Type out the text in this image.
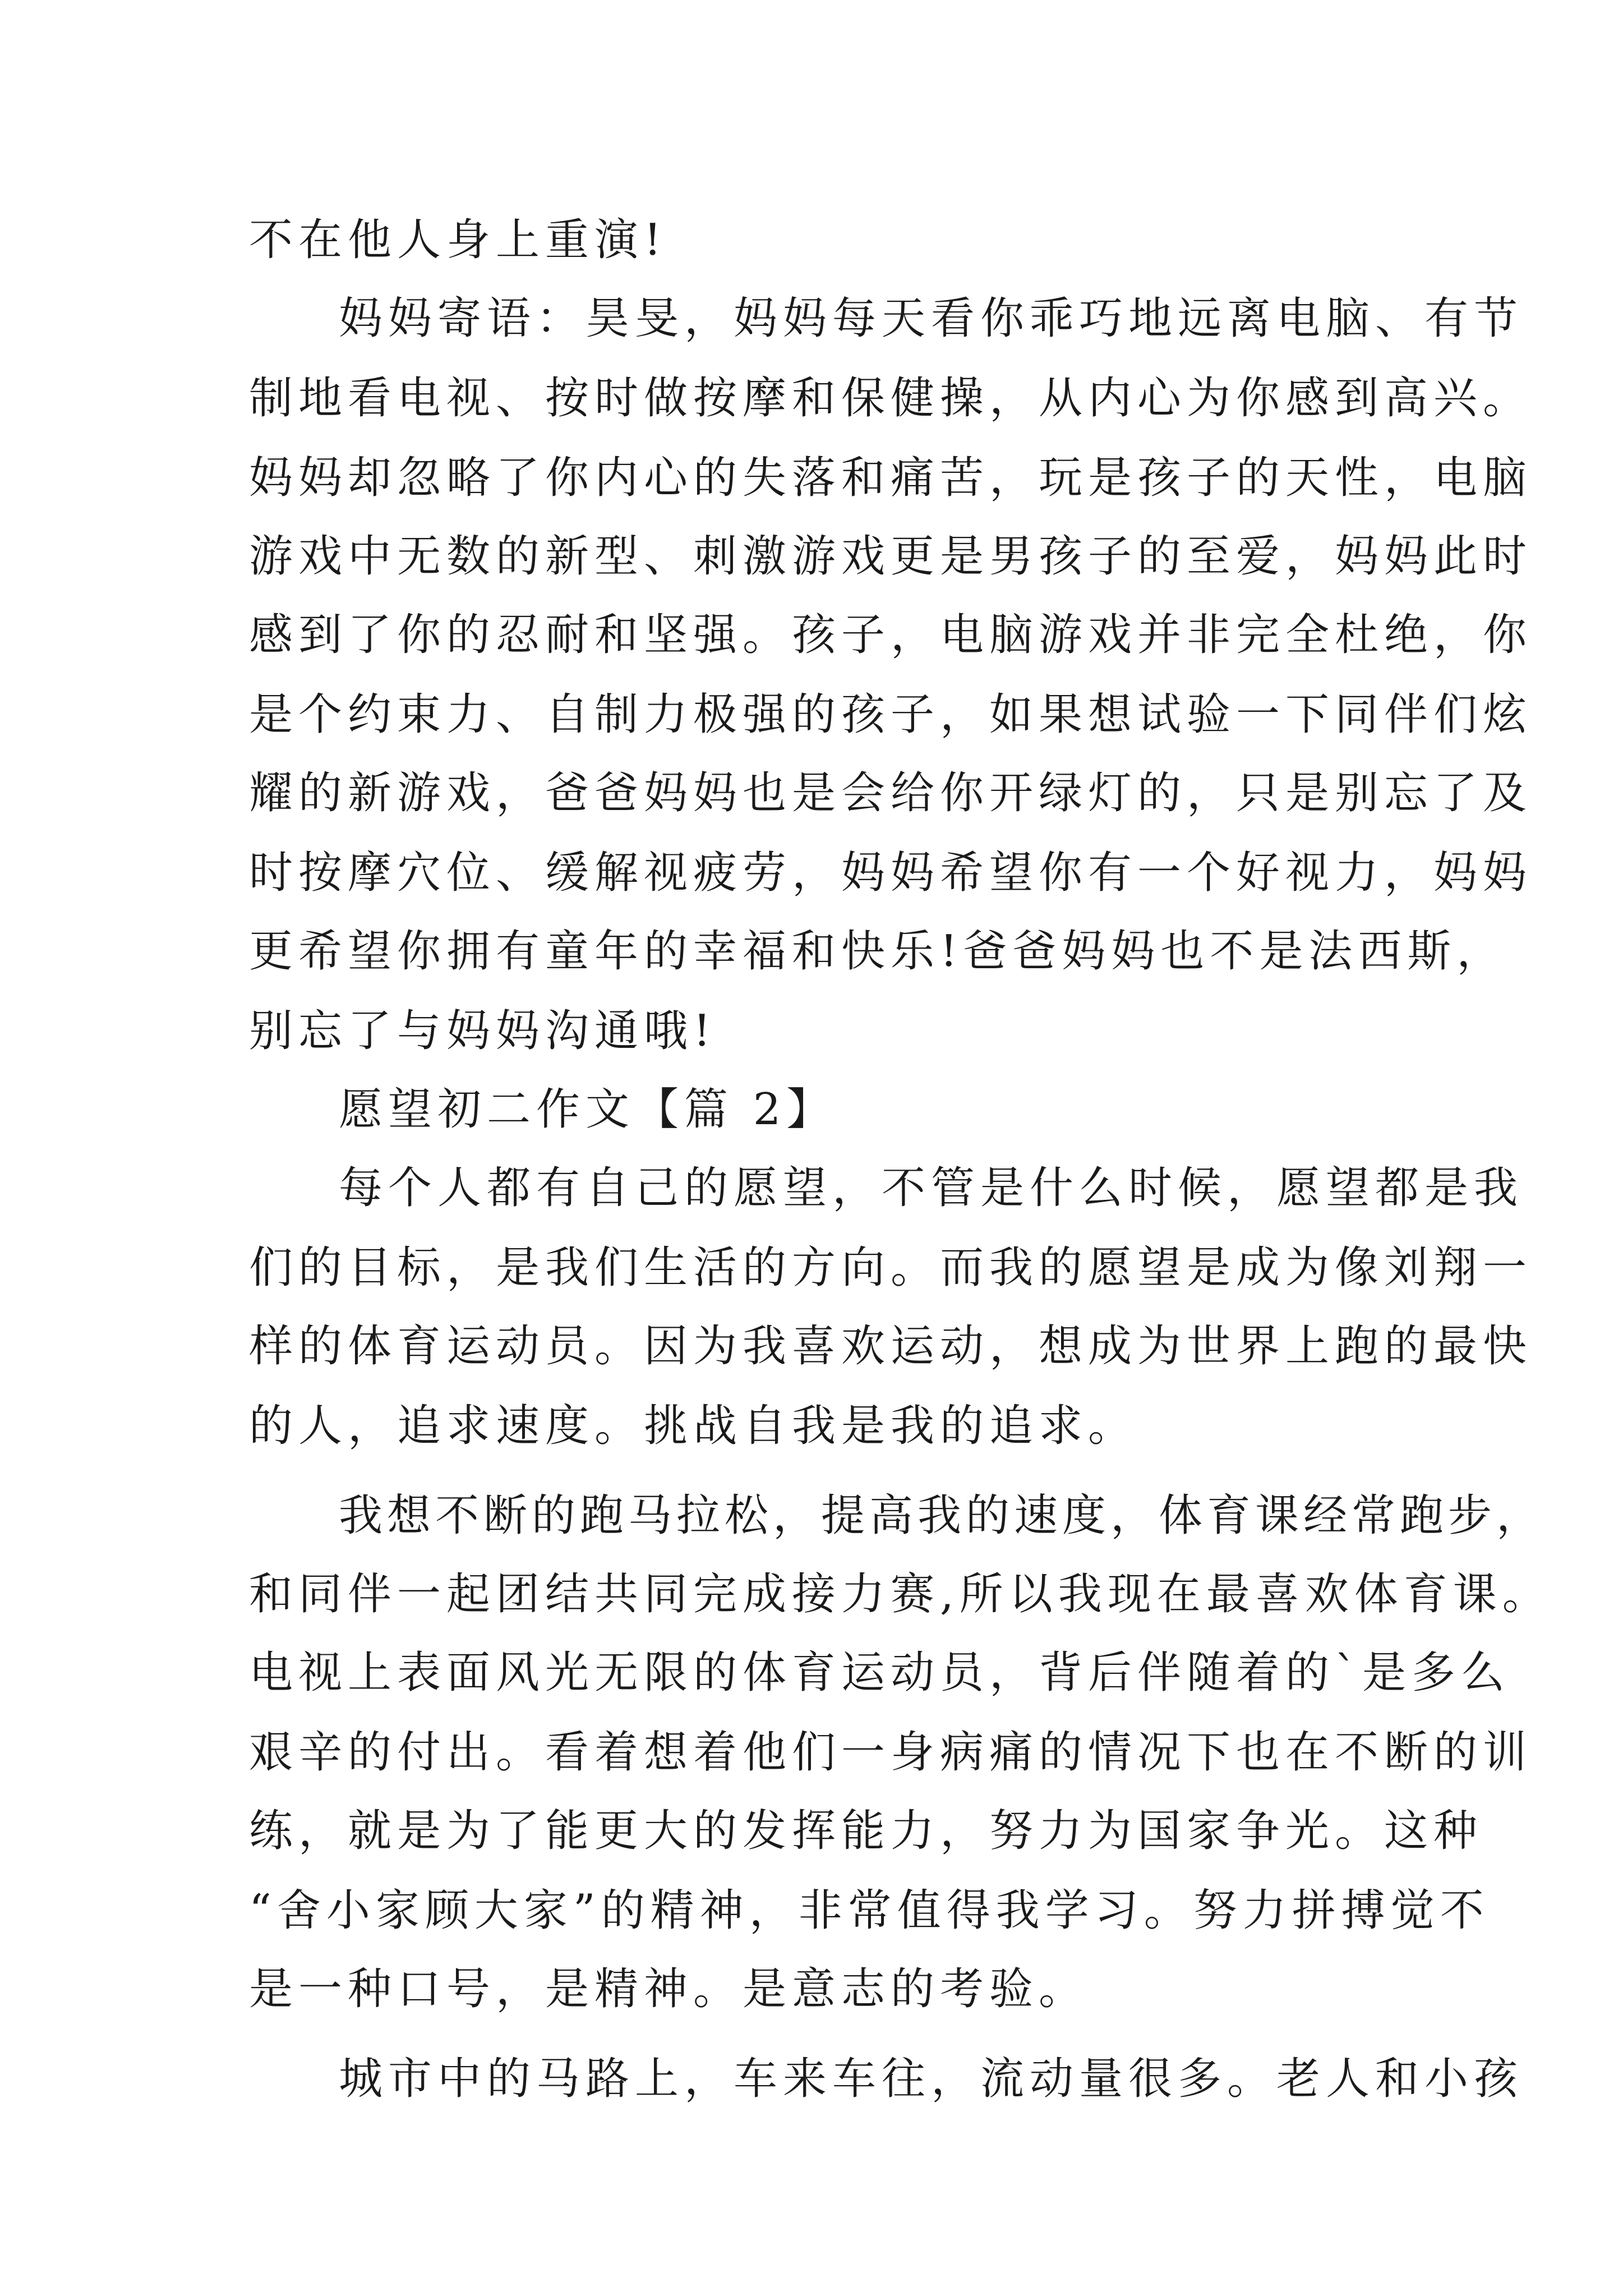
不在他人身上重演!
妈妈寄语：昊旻，妈妈每天看你乖巧地远离电脑、有节
制地看电视、按时做按摩和保健操，从内心为你感到高兴。
妈妈却忽略了你内心的失落和痛苦，玩是孩子的天性，电脑
游戏中无数的新型、刺激游戏更是男孩子的至爱，妈妈此时
感到了你的忍耐和坚强。孩子，电脑游戏并非完全杜绝，你
是个约束力、自制力极强的孩子，如果想试验一下同伴们炫
耀的新游戏，爸爸妈妈也是会给你开绿灯的，只是别忘了及
时按摩穴位、缓解视疲劳，妈妈希望你有一个好视力，妈妈
更希望你拥有童年的幸福和快乐!爸爸妈妈也不是法西斯，
别忘了与妈妈沟通哦!
愿望初二作文【篇 2】
每个人都有自己的愿望，不管是什么时候，愿望都是我
们的目标，是我们生活的方向。而我的愿望是成为像刘翔一
样的体育运动员。因为我喜欢运动，想成为世界上跑的最快
的人，追求速度。挑战自我是我的追求。
我想不断的跑马拉松，提高我的速度，体育课经常跑步，
和同伴一起团结共同完成接力赛,所以我现在最喜欢体育课。
电视上表面风光无限的体育运动员，背后伴随着的`是多么
艰辛的付出。看着想着他们一身病痛的情况下也在不断的训
练，就是为了能更大的发挥能力，努力为国家争光。这种
“舍小家顾大家”的精神，非常值得我学习。努力拼搏觉不
是一种口号，是精神。是意志的考验。
城市中的马路上，车来车往，流动量很多。老人和小孩
